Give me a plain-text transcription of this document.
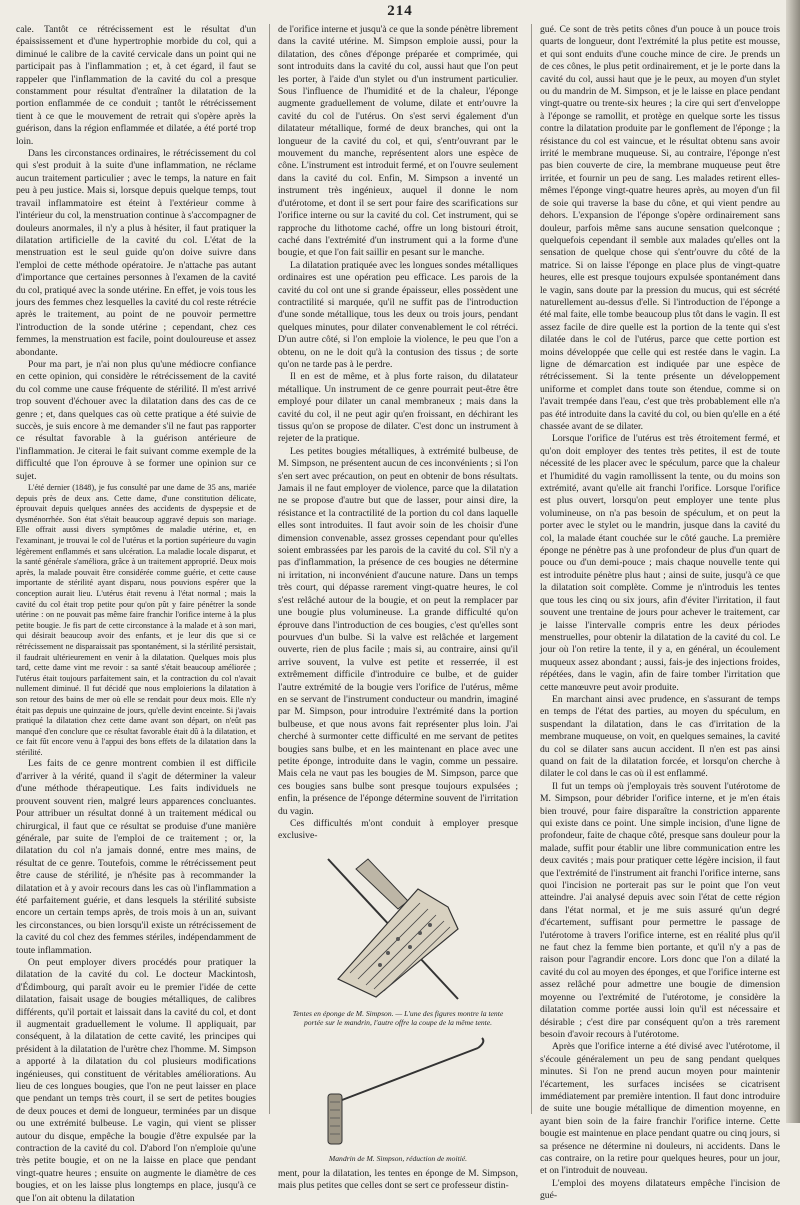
214

cale. Tantôt ce rétrécissement est le résultat d'un épaississement et d'une hypertrophie morbide du col, qui a diminué le calibre de la cavité cervicale dans un point qui ne participait pas à l'inflammation ; et, à cet égard, il faut se rappeler que l'inflammation de la cavité du col a presque constamment pour résultat d'entraîner la dilatation de la portion enflammée de ce conduit ; tantôt le rétrécissement tient à ce que le mouvement de retrait qui s'opère après la guérison, dans la région enflammée et dilatée, a été porté trop loin.

Dans les circonstances ordinaires, le rétrécissement du col qui s'est produit à la suite d'une inflammation, ne réclame aucun traitement particulier ; avec le temps, la nature en fait peu à peu justice. Mais si, lorsque depuis quelque temps, tout travail inflammatoire est éteint à l'extérieur comme à l'intérieur du col, la menstruation continue à s'accompagner de douleurs anormales, il n'y a plus à hésiter, il faut pratiquer la dilatation artificielle de la cavité du col. L'état de la menstruation est le seul guide qu'on doive suivre dans l'emploi de cette méthode opératoire. Je n'attache pas autant d'importance que certaines personnes à l'examen de la cavité du col, pratiqué avec la sonde utérine. En effet, je vois tous les jours des femmes chez lesquelles la cavité du col reste rétrécie après le traitement, au point de ne pouvoir permettre l'introduction de la sonde utérine ; cependant, chez ces femmes, la menstruation est facile, point douloureuse et assez abondante.

Pour ma part, je n'ai non plus qu'une médiocre confiance en cette opinion, qui considère le rétrécissement de la cavité du col comme une cause fréquente de stérilité. Il m'est arrivé trop souvent d'échouer avec la dilatation dans des cas de ce genre ; et, dans quelques cas où cette pratique a été suivie de succès, je suis encore à me demander s'il ne faut pas rapporter ce résultat favorable à la guérison antérieure de l'inflammation. Je citerai le fait suivant comme exemple de la difficulté que l'on éprouve à se former une opinion sur ce sujet.

L'été dernier (1848), je fus consulté par une dame de 35 ans, mariée depuis près de deux ans. Cette dame, d'une constitution délicate, éprouvait depuis quelques années des accidents de dyspepsie et de dysménorrhée. Son état s'était beaucoup aggravé depuis son mariage. Elle offrait aussi divers symptômes de maladie utérine, et, en l'examinant, je trouvai le col de l'utérus et la portion supérieure du vagin légèrement enflammés et sans ulcération. La maladie locale disparut, et la santé générale s'améliora, grâce à un traitement approprié. Deux mois après, la malade pouvait être considérée comme guérie, et cette cause importante de stérilité ayant disparu, nous pouvions espérer que la conception aurait lieu. L'utérus était revenu à l'état normal ; mais la cavité du col était trop petite pour qu'on pût y faire pénétrer la sonde utérine : on ne pouvait pas même faire franchir l'orifice interne à la plus petite bougie. Je fis part de cette circonstance à la malade et à son mari, qui désirait beaucoup avoir des enfants, et je leur dis que si ce rétrécissement ne disparaissait pas spontanément, si la stérilité persistait, il faudrait ultérieurement en venir à la dilatation. Quelques mois plus tard, cette dame vint me revoir : sa santé s'était beaucoup améliorée ; l'utérus était toujours parfaitement sain, et la contraction du col n'avait nullement diminué. Il fut décidé que nous emploierions la dilatation à son retour des bains de mer où elle se rendait pour deux mois. Elle n'y était pas depuis une quinzaine de jours, qu'elle devint enceinte. Si j'avais pratiqué la dilatation chez cette dame avant son départ, on n'eût pas manqué d'en conclure que ce résultat favorable était dû à la dilatation, et ce fait fût encore venu à l'appui des bons effets de la dilatation dans la stérilité.

Les faits de ce genre montrent combien il est difficile d'arriver à la vérité, quand il s'agit de déterminer la valeur d'une méthode thérapeutique. Les faits individuels ne prouvent souvent rien, malgré leurs apparences concluantes. Pour attribuer un résultat donné à un traitement médical ou chirurgical, il faut que ce résultat se produise d'une manière générale, par suite de l'emploi de ce traitement ; or, la dilatation du col n'a jamais donné, entre mes mains, de résultat de ce genre. Toutefois, comme le rétrécissement peut être cause de stérilité, je n'hésite pas à recommander la dilatation et à y avoir recours dans les cas où l'inflammation a été parfaitement guérie, et dans lesquels la stérilité subsiste encore un certain temps après, de trois mois à un an, suivant les circonstances, ou bien lorsqu'il existe un rétrécissement de la cavité du col chez des femmes stériles, indépendamment de toute inflammation.

On peut employer divers procédés pour pratiquer la dilatation de la cavité du col. Le docteur Mackintosh, d'Édimbourg, qui paraît avoir eu le premier l'idée de cette dilatation, faisait usage de bougies métalliques, de calibres différents, qu'il portait et laissait dans la cavité du col, et dont il augmentait graduellement le volume. Il appliquait, par conséquent, à la dilatation de cette cavité, les principes qui président à la dilatation de l'urètre chez l'homme. M. Simpson a apporté à la dilatation du col plusieurs modifications ingénieuses, qui constituent de véritables améliorations. Au lieu de ces longues bougies, que l'on ne peut laisser en place que pendant un temps très court, il se sert de petites bougies de deux pouces et demi de longueur, terminées par un disque ou une extrémité bulbeuse. Le vagin, qui vient se plisser autour du disque, empêche la bougie d'être expulsée par la contraction de la cavité du col. D'abord l'on n'emploie qu'une très petite bougie, et on ne la laisse en place que pendant vingt-quatre heures ; ensuite on augmente le diamètre de ces bougies, et on les laisse plus longtemps en place, jusqu'à ce que l'on ait obtenu la dilatation

de l'orifice interne et jusqu'à ce que la sonde pénètre librement dans la cavité utérine. M. Simpson emploie aussi, pour la dilatation, des cônes d'éponge préparée et comprimée, qui sont introduits dans la cavité du col, aussi haut que l'on peut les porter, à l'aide d'un stylet ou d'un instrument particulier. Sous l'influence de l'humidité et de la chaleur, l'éponge augmente graduellement de volume, dilate et entr'ouvre la cavité du col de l'utérus. On s'est servi également d'un dilatateur métallique, formé de deux branches, qui ont la longueur de la cavité du col, et qui, s'entr'ouvrant par le mouvement du manche, représentent alors une espèce de cône. L'instrument est introduit fermé, et on l'ouvre seulement dans la cavité du col. Enfin, M. Simpson a inventé un instrument très ingénieux, auquel il donne le nom d'utérotome, et dont il se sert pour faire des scarifications sur l'orifice interne ou sur la cavité du col. Cet instrument, qui se rapproche du lithotome caché, offre un long bistouri étroit, caché dans l'extrémité d'un instrument qui a la forme d'une bougie, et que l'on fait saillir en pesant sur le manche.

La dilatation pratiquée avec les longues sondes métalliques ordinaires est une opération peu efficace. Les parois de la cavité du col ont une si grande épaisseur, elles possèdent une contractilité si marquée, qu'il ne suffit pas de l'introduction d'une sonde métallique, tous les deux ou trois jours, pendant quelques minutes, pour dilater convenablement le col rétréci. D'un autre côté, si l'on emploie la violence, le peu que l'on a obtenu, on ne le doit qu'à la contusion des tissus ; de sorte qu'on ne tarde pas à le perdre.

Il en est de même, et à plus forte raison, du dilatateur métallique. Un instrument de ce genre pourrait peut-être être employé pour dilater un canal membraneux ; mais dans la cavité du col, il ne peut agir qu'en froissant, en déchirant les tissus qu'on se propose de dilater. C'est donc un instrument à rejeter de la pratique.

Les petites bougies métalliques, à extrémité bulbeuse, de M. Simpson, ne présentent aucun de ces inconvénients ; si l'on s'en sert avec précaution, on peut en obtenir de bons résultats. Jamais il ne faut employer de violence, parce que la dilatation ne se propose d'autre but que de lasser, pour ainsi dire, la résistance et la contractilité de la portion du col dans laquelle elles sont introduites. Il faut avoir soin de les choisir d'une dimension convenable, assez grosses cependant pour qu'elles soient embrassées par les parois de la cavité du col. S'il n'y a pas d'inflammation, la présence de ces bougies ne détermine ni irritation, ni inconvénient d'aucune nature. Dans un temps très court, qui dépasse rarement vingt-quatre heures, le col s'est relâché autour de la bougie, et on peut la remplacer par une bougie plus volumineuse. La grande difficulté qu'on éprouve dans l'introduction de ces bougies, c'est qu'elles sont pourvues d'un bulbe. Si la valve est relâchée et largement ouverte, rien de plus facile ; mais si, au contraire, ainsi qu'il arrive souvent, la vulve est petite et resserrée, il est extrêmement difficile d'introduire ce bulbe, et de guider l'autre extrémité de la bougie vers l'orifice de l'utérus, même en se servant de l'instrument conducteur ou mandrin, imaginé par M. Simpson, pour introduire l'extrémité dans la portion bulbeuse, et que nous avons fait représenter plus loin. J'ai cherché à surmonter cette difficulté en me servant de petites bougies sans bulbe, et en les maintenant en place avec une petite éponge, introduite dans le vagin, comme un pessaire. Mais cela ne vaut pas les bougies de M. Simpson, parce que ces bougies sans bulbe sont presque toujours expulsées ; enfin, la présence de l'éponge détermine souvent de l'irritation du vagin.

Ces difficultés m'ont conduit à employer presque exclusive-

Tentes en éponge de M. Simpson. — L'une des figures montre la tente portée sur le mandrin, l'autre offre la coupe de la même tente.
Mandrin de M. Simpson, réduction de moitié.

ment, pour la dilatation, les tentes en éponge de M. Simpson, mais plus petites que celles dont se sert ce professeur distin-

gué. Ce sont de très petits cônes d'un pouce à un pouce trois quarts de longueur, dont l'extrémité la plus petite est mousse, et qui sont enduits d'une couche mince de cire. Je prends un de ces cônes, le plus petit ordinairement, et je le porte dans la cavité du col, aussi haut que je le peux, au moyen d'un stylet ou du mandrin de M. Simpson, et je le laisse en place pendant vingt-quatre ou trente-six heures ; la cire qui sert d'enveloppe à l'éponge se ramollit, et protège en quelque sorte les tissus contre la dilatation produite par le gonflement de l'éponge ; la résistance du col est vaincue, et le résultat obtenu sans avoir irrité le membrane muqueuse. Si, au contraire, l'éponge n'est pas bien couverte de cire, la membrane muqueuse peut être irritée, et fournir un peu de sang. Les malades retirent elles-mêmes l'éponge vingt-quatre heures après, au moyen d'un fil de soie qui traverse la base du cône, et qui vient pendre au dehors. L'expansion de l'éponge s'opère ordinairement sans douleur, parfois même sans aucune sensation quelconque ; quelquefois cependant il semble aux malades qu'elles ont la sensation de quelque chose qui s'entr'ouvre du côté de la matrice. Si on laisse l'éponge en place plus de vingt-quatre heures, elle est presque toujours expulsée spontanément dans le vagin, sans doute par la pression du mucus, qui est sécrété naturellement au-dessus d'elle. Si l'introduction de l'éponge a été mal faite, elle tombe beaucoup plus tôt dans le vagin. Il est assez facile de dire quelle est la portion de la tente qui s'est dilatée dans le col de l'utérus, parce que cette portion est moins développée que celle qui est restée dans le vagin. La ligne de démarcation est indiquée par une espèce de rétrécissement. Si la tente présente un développement uniforme et complet dans toute son étendue, comme si on l'avait trempée dans l'eau, c'est que très probablement elle n'a pas été introduite dans la cavité du col, ou bien qu'elle en a été chassée avant de se dilater.

Lorsque l'orifice de l'utérus est très étroitement fermé, et qu'on doit employer des tentes très petites, il est de toute nécessité de les placer avec le spéculum, parce que la chaleur et l'humidité du vagin ramollissent la tente, ou du moins son extrémité, avant qu'elle ait franchi l'orifice. Lorsque l'orifice est plus ouvert, lorsqu'on peut employer une tente plus volumineuse, on n'a pas besoin de spéculum, et on peut la porter avec le stylet ou le mandrin, jusque dans la cavité du col, la malade étant couchée sur le côté gauche. La première éponge ne pénètre pas à une profondeur de plus d'un quart de pouce ou d'un demi-pouce ; mais chaque nouvelle tente qui est introduite pénètre plus haut ; ainsi de suite, jusqu'à ce que la dilatation soit complète. Comme je n'introduis les tentes que tous les cinq ou six jours, afin d'éviter l'irritation, il faut souvent une trentaine de jours pour achever le traitement, car je laisse l'intervalle compris entre les deux périodes menstruelles, pour obtenir la dilatation de la cavité du col. Le jour où l'on retire la tente, il y a, en général, un écoulement muqueux assez abondant ; aussi, fais-je des injections froides, répétées, dans le vagin, afin de faire tomber l'irritation que cette manœuvre peut avoir produite.

En marchant ainsi avec prudence, en s'assurant de temps en temps de l'état des parties, au moyen du spéculum, en suspendant la dilatation, dans le cas d'irritation de la membrane muqueuse, on voit, en quelques semaines, la cavité du col se dilater sans aucun accident. Il n'en est pas ainsi quand on fait de la dilatation forcée, et lorsqu'on cherche à dilater le col dans le cas où il est enflammé.

Il fut un temps où j'employais très souvent l'utérotome de M. Simpson, pour débrider l'orifice interne, et je m'en étais bien trouvé, pour faire disparaître la constriction apparente qui existe dans ce point. Une simple incision, d'une ligne de profondeur, faite de chaque côté, presque sans douleur pour la malade, suffit pour établir une libre communication entre les deux cavités ; mais pour pratiquer cette légère incision, il faut que l'extrémité de l'instrument ait franchi l'orifice interne, sans quoi l'incision ne porterait pas sur le point que l'on veut atteindre. J'ai analysé depuis avec soin l'état de cette région dans l'état normal, et je me suis assuré qu'un degré d'écartement, suffisant pour permettre le passage de l'utérotome à travers l'orifice interne, est en réalité plus qu'il ne faut chez la femme bien portante, et qu'il n'y a pas de raison pour l'agrandir encore. Lors donc que l'on a dilaté la cavité du col au moyen des éponges, et que l'orifice interne est assez relâché pour admettre une bougie de dimension moyenne ou l'extrémité de l'utérotome, je considère la dilatation comme portée aussi loin qu'il est nécessaire et désirable ; c'est dire par conséquent qu'on a très rarement besoin d'avoir recours à l'utérotome.

Après que l'orifice interne a été divisé avec l'utérotome, il s'écoule généralement un peu de sang pendant quelques minutes. Si l'on ne prend aucun moyen pour maintenir l'écartement, les surfaces incisées se cicatrisent immédiatement par première intention. Il faut donc introduire de suite une bougie métallique de dimention moyenne, en ayant bien soin de la faire franchir l'orifice interne. Cette bougie est maintenue en place pendant quatre ou cinq jours, si sa présence ne détermine ni douleurs, ni accidents. Dans le cas contraire, on la retire pour quelques heures, pour un jour, et on l'introduit de nouveau.

L'emploi des moyens dilatateurs empêche l'incision de gué-
